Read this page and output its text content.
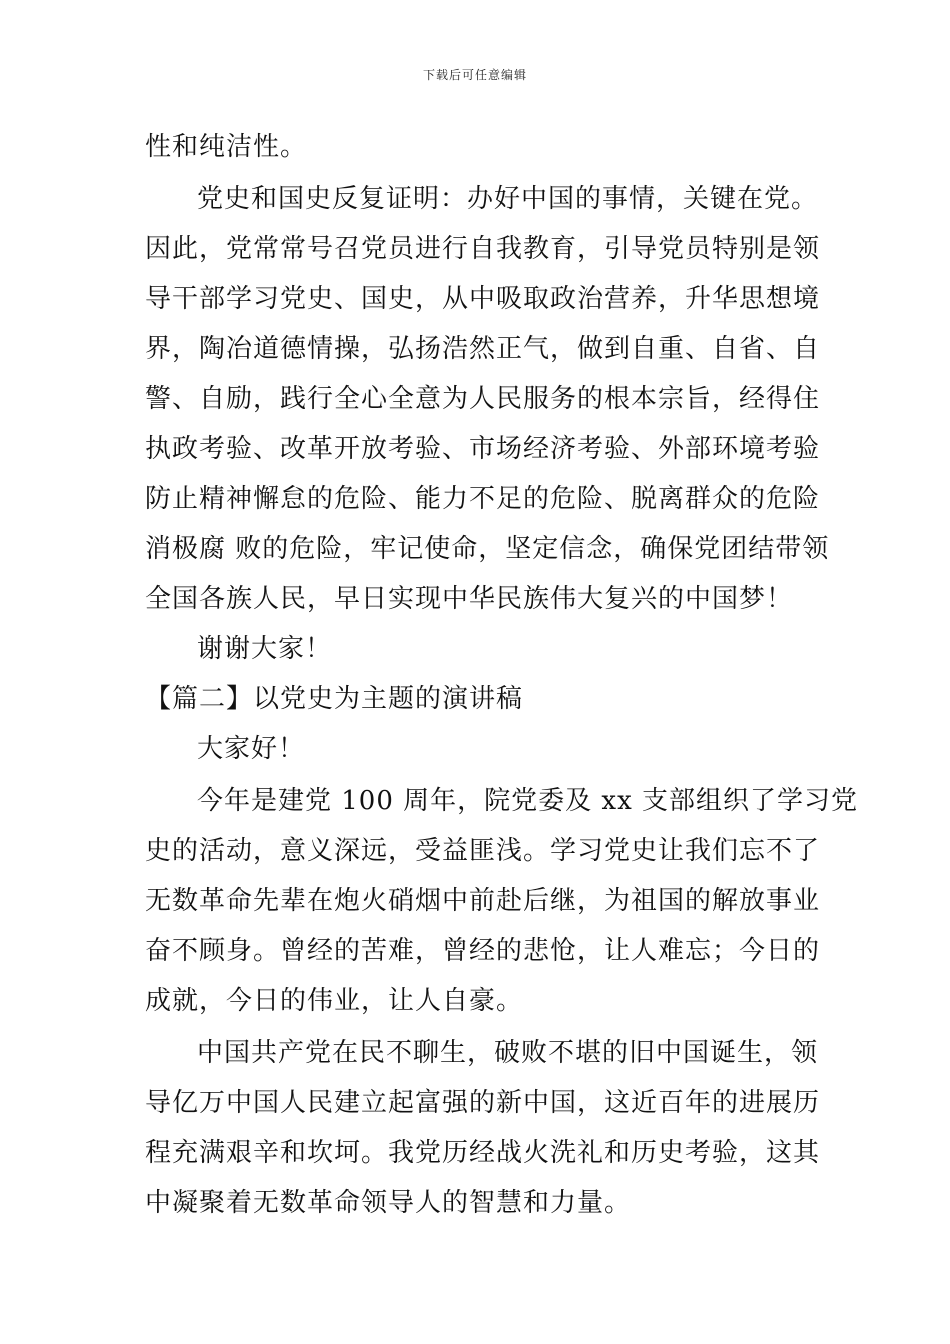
下载后可任意编辑
性和纯洁性。
党史和国史反复证明：办好中国的事情，关键在党。
因此，党常常号召党员进行自我教育，引导党员特别是领
导干部学习党史、国史，从中吸取政治营养，升华思想境
界，陶冶道德情操，弘扬浩然正气，做到自重、自省、自
警、自励，践行全心全意为人民服务的根本宗旨，经得住
执政考验、改革开放考验、市场经济考验、外部环境考验
防止精神懈怠的危险、能力不足的危险、脱离群众的危险
消极腐 败的危险，牢记使命，坚定信念，确保党团结带领
全国各族人民，早日实现中华民族伟大复兴的中国梦！
谢谢大家！
【篇二】以党史为主题的演讲稿
大家好！
今年是建党 100 周年，院党委及 xx 支部组织了学习党
史的活动，意义深远，受益匪浅。学习党史让我们忘不了
无数革命先辈在炮火硝烟中前赴后继，为祖国的解放事业
奋不顾身。曾经的苦难，曾经的悲怆，让人难忘；今日的
成就，今日的伟业，让人自豪。
中国共产党在民不聊生，破败不堪的旧中国诞生，领
导亿万中国人民建立起富强的新中国，这近百年的进展历
程充满艰辛和坎坷。我党历经战火洗礼和历史考验，这其
中凝聚着无数革命领导人的智慧和力量。
